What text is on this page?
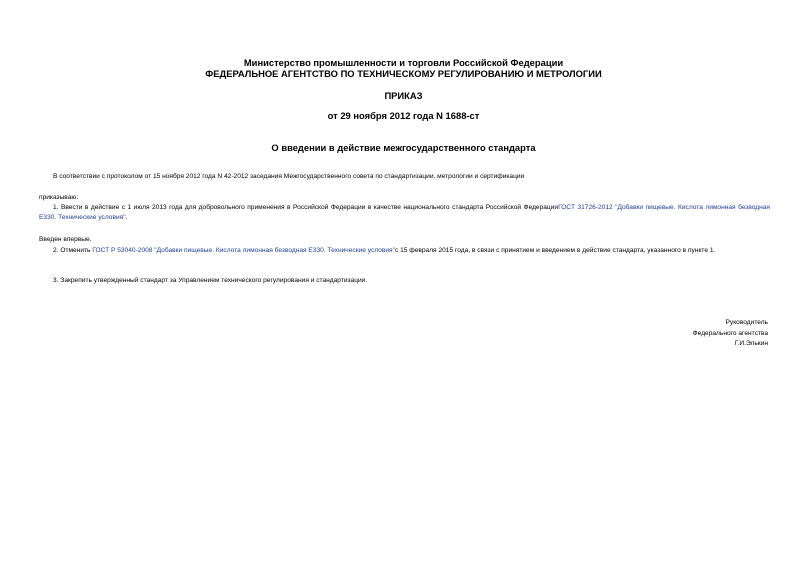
Министерство промышленности и торговли Российской Федерации
ФЕДЕРАЛЬНОЕ АГЕНТСТВО ПО ТЕХНИЧЕСКОМУ РЕГУЛИРОВАНИЮ И МЕТРОЛОГИИ
ПРИКАЗ
от 29 ноября 2012 года N 1688-ст
О введении в действие межгосударственного стандарта
В соответствии с протоколом от 15 ноября 2012 года N 42-2012 заседания Межгосударственного совета по стандартизации, метрологии и сертификации
приказываю:
1. Ввести в действие с 1 июля 2013 года для добровольного применения в Российской Федерации в качестве национального стандарта Российской ФедерацииГОСТ 31726-2012 "Добавки пищевые. Кислота лимонная безводная Е330. Технические условия".
Введен впервые.
2. Отменить ГОСТ Р 53040-2008 "Добавки пищевые. Кислота лимонная безводная Е330. Технические условия"с 15 февраля 2015 года, в связи с принятием и введением в действие стандарта, указанного в пункте 1.
3. Закрепить утвержденный стандарт за Управлением технического регулирования и стандартизации.
Руководитель
Федерального агентства
Г.И.Элькин
